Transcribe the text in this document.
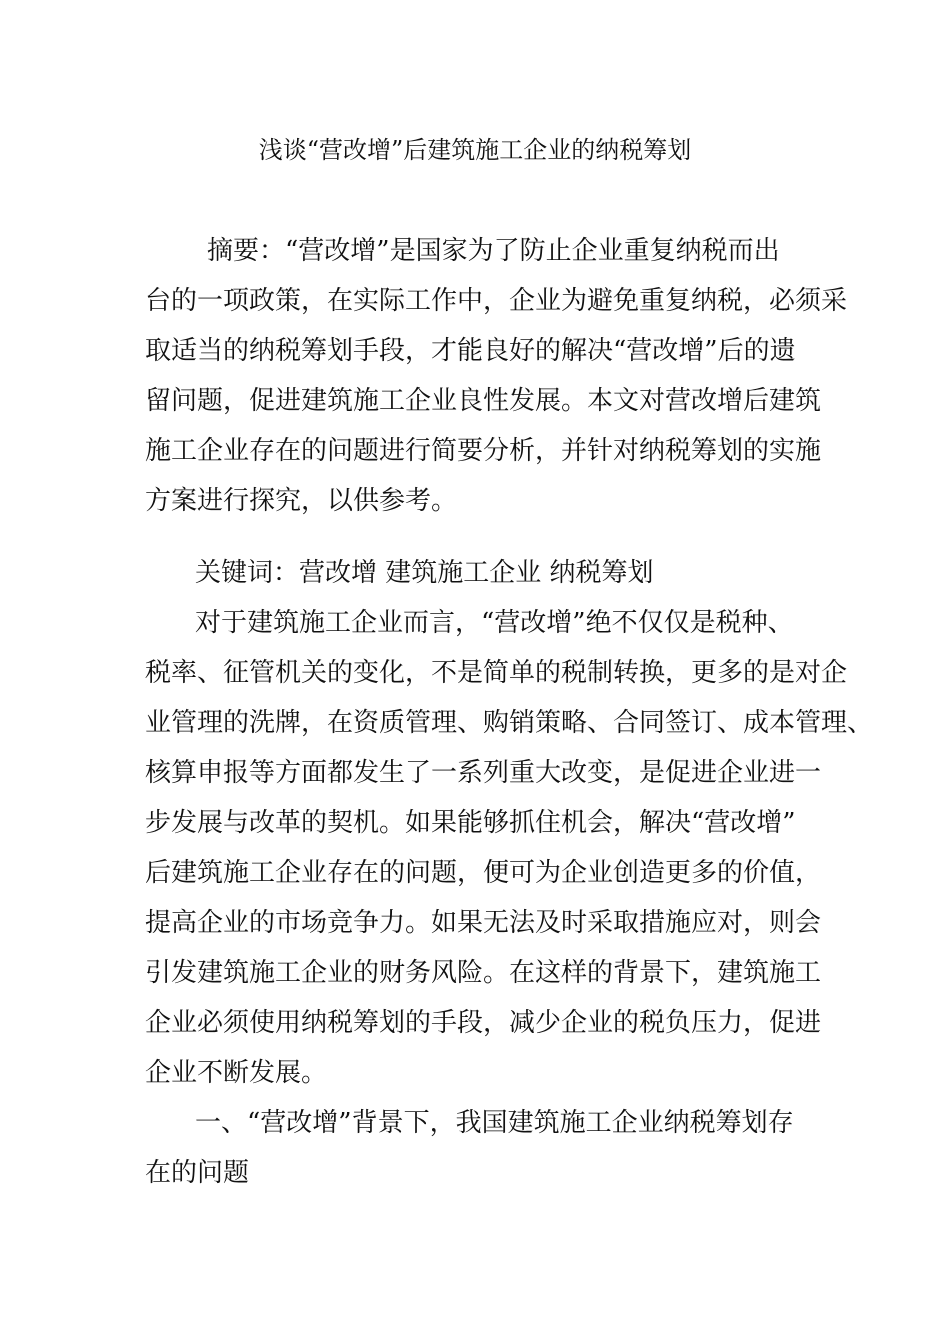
浅谈“营改增”后建筑施工企业的纳税筹划
摘要：“营改增”是国家为了防止企业重复纳税而出
台的一项政策，在实际工作中，企业为避免重复纳税，必须采
取适当的纳税筹划手段，才能良好的解决“营改增”后的遗
留问题，促进建筑施工企业良性发展。本文对营改增后建筑
施工企业存在的问题进行简要分析，并针对纳税筹划的实施
方案进行探究，以供参考。
关键词：营改增 建筑施工企业 纳税筹划
对于建筑施工企业而言，“营改增”绝不仅仅是税种、
税率、征管机关的变化，不是简单的税制转换，更多的是对企
业管理的洗牌，在资质管理、购销策略、合同签订、成本管理、
核算申报等方面都发生了一系列重大改变，是促进企业进一
步发展与改革的契机。如果能够抓住机会，解决“营改增”
后建筑施工企业存在的问题，便可为企业创造更多的价值，
提高企业的市场竞争力。如果无法及时采取措施应对，则会
引发建筑施工企业的财务风险。在这样的背景下，建筑施工
企业必须使用纳税筹划的手段，减少企业的税负压力，促进
企业不断发展。
一、“营改增”背景下，我国建筑施工企业纳税筹划存
在的问题
